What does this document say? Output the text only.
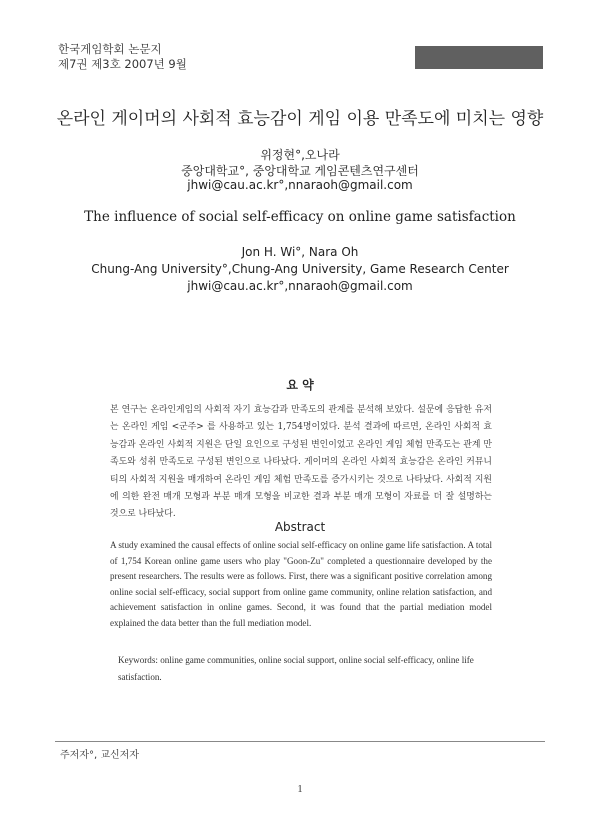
한국게임학회 논문지
제7권 제3호 2007년 9월
온라인 게이머의 사회적 효능감이 게임 이용 만족도에 미치는 영향
위정현°,오나라
중앙대학교°, 중앙대학교 게임콘텐츠연구센터
jhwi@cau.ac.kr°,nnaraoh@gmail.com
The influence of social self-efficacy on online game satisfaction
Jon H. Wi°, Nara Oh
Chung-Ang University°,Chung-Ang University, Game Research Center
jhwi@cau.ac.kr°,nnaraoh@gmail.com
요 약
본 연구는 온라인게임의 사회적 자기 효능감과 만족도의 관계를 분석해 보았다. 설문에 응답한 유저는 온라인 게임 <군주> 를 사용하고 있는 1,754명이었다. 분석 결과에 따르면, 온라인 사회적 효능감과 온라인 사회적 지원은 단일 요인으로 구성된 변인이었고 온라인 게임 체험 만족도는 관계 만족도와 성취 만족도로 구성된 변인으로 나타났다. 게이머의 온라인 사회적 효능감은 온라인 커뮤니티의 사회적 지원을 매개하여 온라인 게임 체험 만족도를 증가시키는 것으로 나타났다. 사회적 지원에 의한 완전 매개 모형과 부분 매개 모형을 비교한 결과 부분 매개 모형이 자료를 더 잘 설명하는 것으로 나타났다.
Abstract
A study examined the causal effects of online social self-efficacy on online game life satisfaction. A total of 1,754 Korean online game users who play "Goon-Zu" completed a questionnaire developed by the present researchers. The results were as follows. First, there was a significant positive correlation among online social self-efficacy, social support from online game community, online relation satisfaction, and achievement satisfaction in online games. Second, it was found that the partial mediation model explained the data better than the full mediation model.
Keywords: online game communities, online social support, online social self-efficacy, online life satisfaction.
주저자°, 교신저자
1
